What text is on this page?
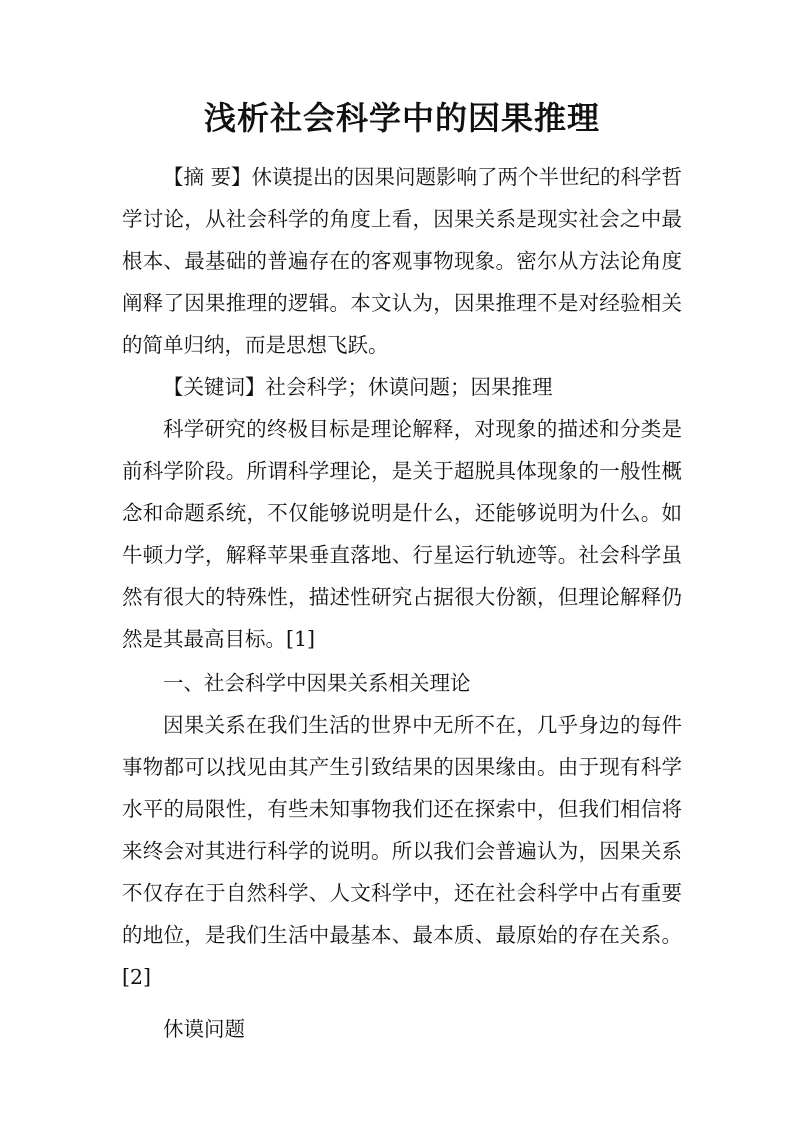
浅析社会科学中的因果推理

【摘 要】休谟提出的因果问题影响了两个半世纪的科学哲学讨论，从社会科学的角度上看，因果关系是现实社会之中最根本、最基础的普遍存在的客观事物现象。密尔从方法论角度阐释了因果推理的逻辑。本文认为，因果推理不是对经验相关的简单归纳，而是思想飞跃。

【关键词】社会科学；休谟问题；因果推理

科学研究的终极目标是理论解释，对现象的描述和分类是前科学阶段。所谓科学理论，是关于超脱具体现象的一般性概念和命题系统，不仅能够说明是什么，还能够说明为什么。如牛顿力学，解释苹果垂直落地、行星运行轨迹等。社会科学虽然有很大的特殊性，描述性研究占据很大份额，但理论解释仍然是其最高目标。[1]

一、社会科学中因果关系相关理论

因果关系在我们生活的世界中无所不在，几乎身边的每件事物都可以找见由其产生引致结果的因果缘由。由于现有科学水平的局限性，有些未知事物我们还在探索中，但我们相信将来终会对其进行科学的说明。所以我们会普遍认为，因果关系不仅存在于自然科学、人文科学中，还在社会科学中占有重要的地位，是我们生活中最基本、最本质、最原始的存在关系。[2]

休谟问题
